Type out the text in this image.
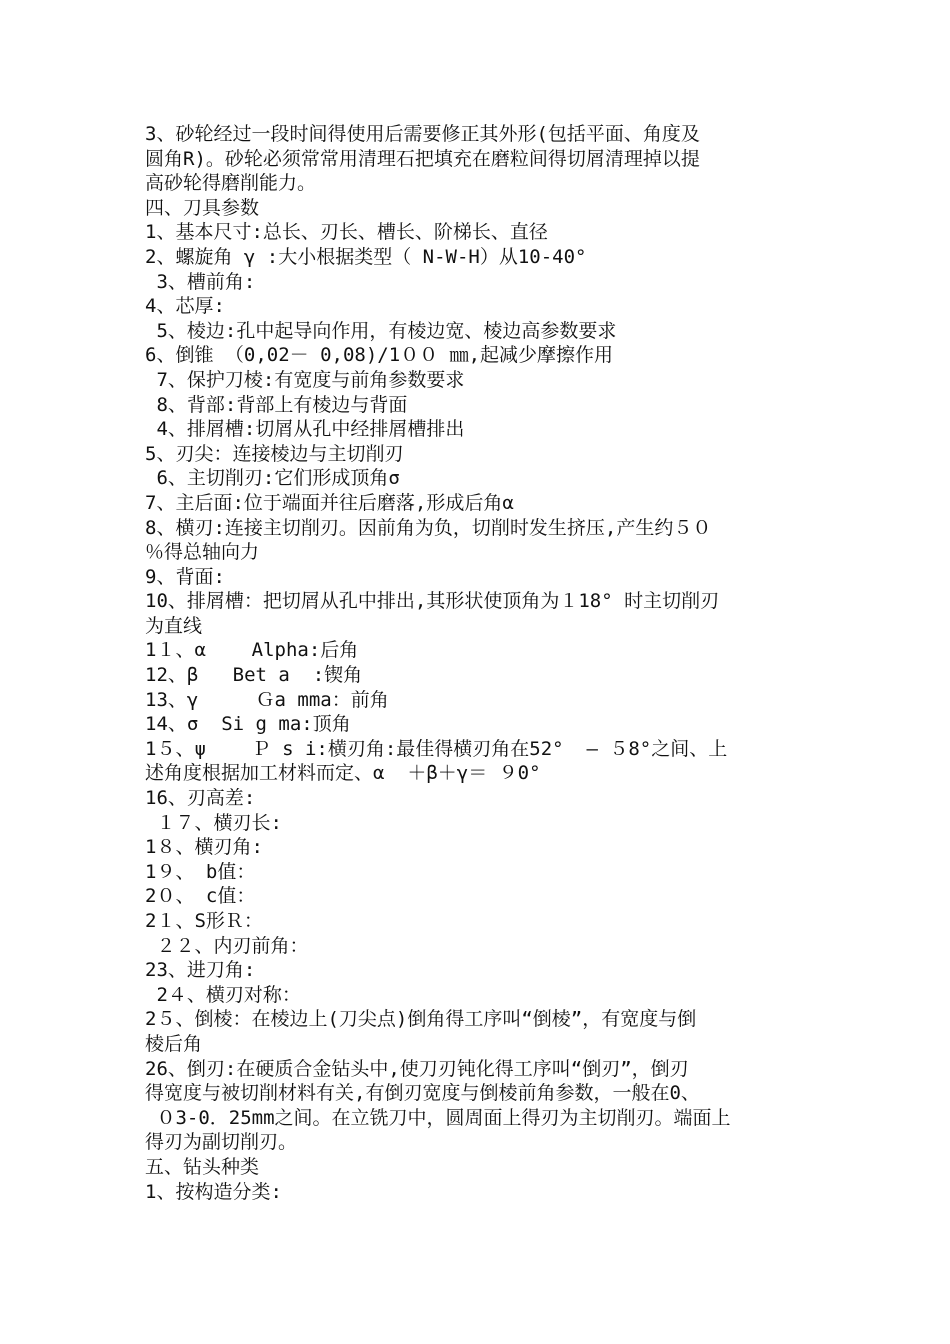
3、砂轮经过一段时间得使用后需要修正其外形(包括平面、角度及
圆角R)。砂轮必须常常用清理石把填充在磨粒间得切屑清理掉以提
高砂轮得磨削能力。
四、刀具参数
1、基本尺寸:总长、刃长、槽长、阶梯长、直径
2、螺旋角 γ :大小根据类型（ N-W-H）从10-40°
3、槽前角:
4、芯厚:
5、棱边:孔中起导向作用，有棱边宽、棱边高参数要求
6、倒锥 （0,02－ 0,08)/1００ ㎜,起减少摩擦作用
7、保护刀棱:有宽度与前角参数要求
8、背部:背部上有棱边与背面
4、排屑槽:切屑从孔中经排屑槽排出
5、刃尖：连接棱边与主切削刃
6、主切削刃:它们形成顶角σ
7、主后面:位于端面并往后磨落,形成后角α
8、横刃:连接主切削刃。因前角为负，切削时发生挤压,产生约５０
％得总轴向力
9、背面:
10、排屑槽：把切屑从孔中排出,其形状使顶角为１18° 时主切削刃
为直线
1１、α    Alpha:后角
12、β   Bet a  :锲角
13、γ     Ｇa mma：前角
14、σ  Si g ma:顶角
1５、ψ    Ｐ s i:横刃角:最佳得横刃角在52°  – ５8°之间、上
述角度根据加工材料而定、α  ＋β＋γ＝ ９0°
16、刃高差:
１７、横刃长:
1８、横刃角:
1９、 b值：
2０、 c值：
2１、S形Ｒ：
２２、内刃前角：
23、进刀角:
2４、横刃对称：
2５、倒棱：在棱边上(刀尖点)倒角得工序叫“倒棱”，有宽度与倒
棱后角
26、倒刃:在硬质合金钻头中,使刀刃钝化得工序叫“倒刃”，倒刃
得宽度与被切削材料有关,有倒刃宽度与倒棱前角参数，一般在0、
０3-0．25mm之间。在立铣刀中，圆周面上得刃为主切削刃。端面上
得刃为副切削刃。
五、钻头种类
1、按构造分类:
